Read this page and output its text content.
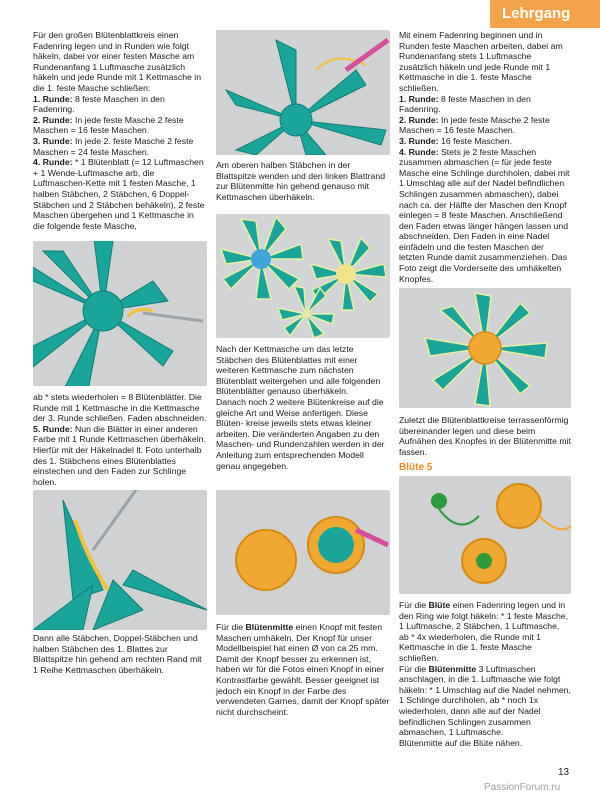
Lehrgang

Für den großen Blütenblattkreis einen Fadenring legen und in Runden wie folgt häkeln, dabei vor einer festen Masche am Rundenanfang 1 Luftmasche zusätzlich häkeln und jede Runde mit 1 Kettmasche in die 1. feste Masche schließen:

1. Runde: 8 feste Maschen in den Fadenring.

2. Runde: In jede feste Masche 2 feste Maschen = 16 feste Maschen.

3. Runde: In jede 2. feste Masche 2 feste Maschen = 24 feste Maschen.

4. Runde: * 1 Blütenblatt (= 12 Luftmaschen + 1 Wende-Luftmasche arb, die Luftmaschen-Kette mit 1 festen Masche, 1 halben Stäbchen, 2 Stäbchen, 6 Doppel-Stäbchen und 2 Stäbchen behäkeln), 2 feste Maschen übergehen und 1 Kettmasche in die folgende feste Masche,

ab * stets wiederholen = 8 Blütenblätter. Die Runde mit 1 Kettmasche in die Kettmasche der 3. Runde schließen. Faden abschneiden.

5. Runde: Nun die Blätter in einer anderen Farbe mit 1 Runde Kettmaschen überhäkeln. Hierfür mit der Häkelnadel lt. Foto unterhalb des 1. Stäbchens eines Blütenblattes einstechen und den Faden zur Schlinge holen.

Dann alle Stäbchen, Doppel-Stäbchen und halben Stäbchen des 1. Blattes zur Blattspitze hin gehend am rechten Rand mit 1 Reihe Kettmaschen überhäkeln.
Am oberen halben Stäbchen in der Blattspitze wenden und den linken Blattrand zur Blütenmitte hin gehend genauso mit Kettmaschen überhäkeln.

Nach der Kettmasche um das letzte Stäbchen des Blütenblattes mit einer weiteren Kettmasche zum nächsten Blütenblatt weitergehen und alle folgenden Blütenblätter genauso überhäkeln.

Danach noch 2 weitere Blütenkreise auf die gleiche Art und Weise anfertigen. Diese Blüten- kreise jeweils stets etwas kleiner arbeiten. Die veränderten Angaben zu den Maschen- und Rundenzahlen werden in der Anleitung zum entsprechenden Modell genau angegeben.

Für die Blütenmitte einen Knopf mit festen Maschen umhäkeln. Der Knopf für unser Modellbeispiel hat einen Ø von ca 25 mm. Damit der Knopf besser zu erkennen ist, haben wir für die Fotos einen Knopf in einer Kontrastfarbe gewählt. Besser geeignet ist jedoch ein Knopf in der Farbe des verwendeten Garnes, damit der Knopf später nicht durchscheint.

Mit einem Fadenring beginnen und in Runden feste Maschen arbeiten, dabei am Rundenanfang stets 1 Luftmasche zusätzlich häkeln und jede Runde mit 1 Kettmasche in die 1. feste Masche schließen.

1. Runde: 8 feste Maschen in den Fadenring.

2. Runde: In jede feste Masche 2 feste Maschen = 16 feste Maschen.

3. Runde: 16 feste Maschen.

4. Runde: Stets je 2 feste Maschen zusammen abmaschen (= für jede feste Masche eine Schlinge durchholen, dabei mit 1 Umschlag alle auf der Nadel befindlichen Schlingen zusammen abmaschen), dabei nach ca. der Hälfte der Maschen den Knopf einlegen = 8 feste Maschen. Anschließend den Faden etwas länger hängen lassen und abschneiden. Den Faden in eine Nadel einfädeln und die festen Maschen der letzten Runde damit zusammenziehen. Das Foto zeigt die Vorderseite des umhäkelten Knopfes.

Zuletzt die Blütenblattkreise terrassenförmig übereinander legen und diese beim Aufnähen des Knopfes in der Blütenmitte mit fassen.
Blüte 5

Für die Blüte einen Fadenring legen und in den Ring wie folgt häkeln: * 1 feste Masche, 1 Luftmasche, 2 Stäbchen, 1 Luftmasche, ab * 4x wiederholen, die Runde mit 1 Kettmasche in die 1. feste Masche schließen.

Für die Blütenmitte 3 Luftmaschen anschlagen, in die 1. Luftmasche wie folgt häkeln: * 1 Umschlag auf die Nadel nehmen, 1 Schlinge durchholen, ab * noch 1x wiederholen, dann alle auf der Nadel befindlichen Schlingen zusammen abmaschen, 1 Luftmasche.

Blütenmitte auf die Blüte nähen.

13
PassionForum.ru
